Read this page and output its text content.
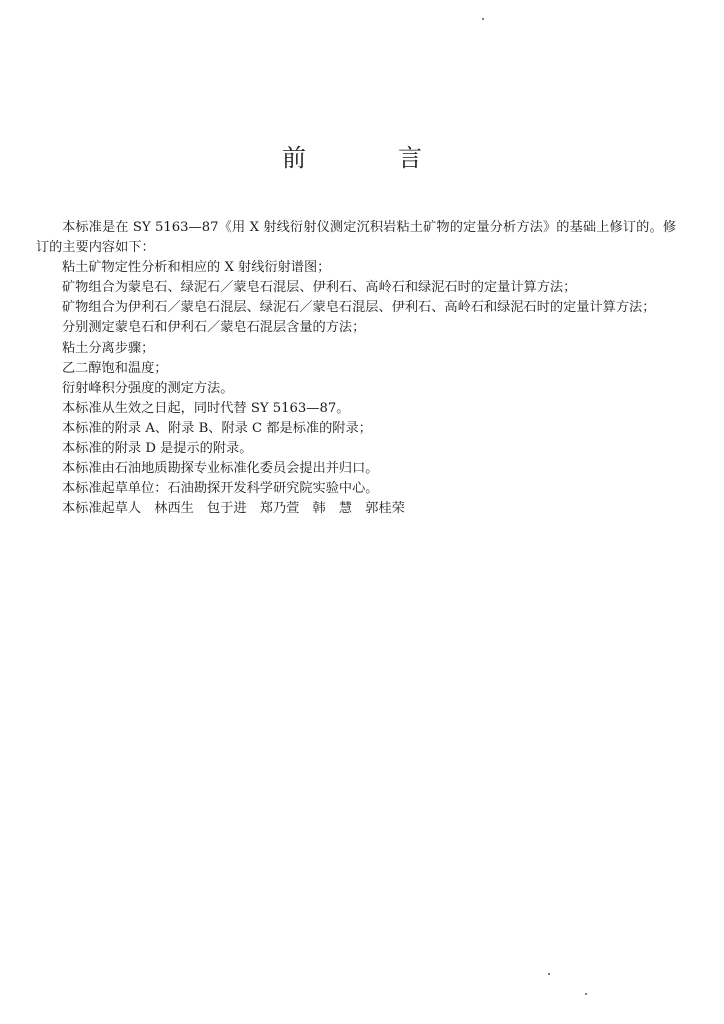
前	言

本标准是在 SY 5163—87《用 X 射线衍射仪测定沉积岩粘土矿物的定量分析方法》的基础上修订的。修订的主要内容如下：

粘土矿物定性分析和相应的 X 射线衍射谱图；

矿物组合为蒙皂石、绿泥石／蒙皂石混层、伊利石、高岭石和绿泥石时的定量计算方法；

矿物组合为伊利石／蒙皂石混层、绿泥石／蒙皂石混层、伊利石、高岭石和绿泥石时的定量计算方法；

分别测定蒙皂石和伊利石／蒙皂石混层含量的方法；

粘土分离步骤；

乙二醇饱和温度；

衍射峰积分强度的测定方法。

本标准从生效之日起，同时代替 SY 5163—87。

本标准的附录 A、附录 B、附录 C 都是标准的附录；

本标准的附录 D 是提示的附录。

本标准由石油地质勘探专业标准化委员会提出并归口。

本标准起草单位：石油勘探开发科学研究院实验中心。

本标准起草人　林西生　包于进　郑乃萱　韩　慧　郭桂荣
